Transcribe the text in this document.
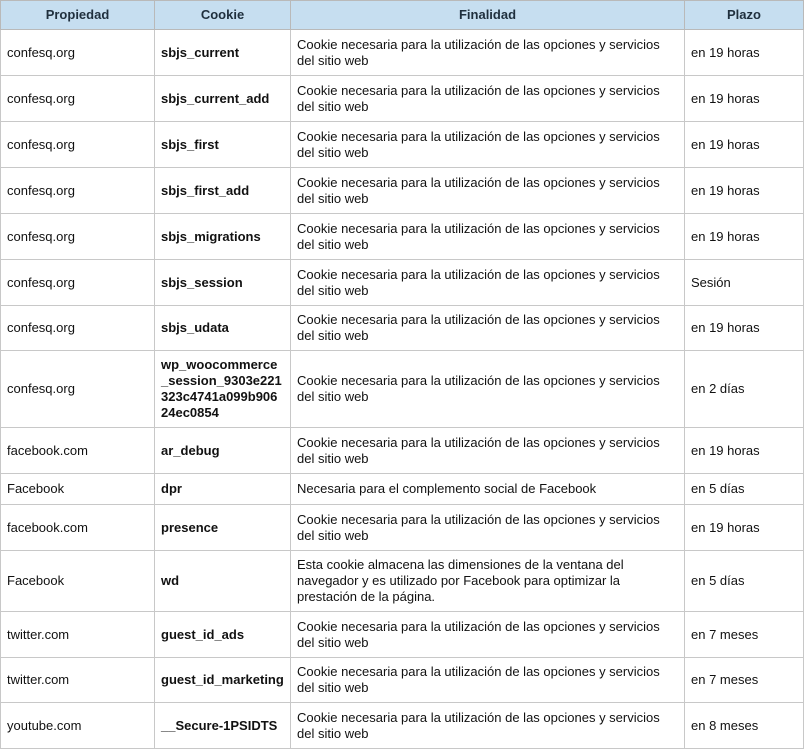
Propiedad	Cookie	Finalidad	Plazo
confesq.org	sbjs_current	Cookie necesaria para la utilización de las opciones y servicios del sitio web	en 19 horas
confesq.org	sbjs_current_add	Cookie necesaria para la utilización de las opciones y servicios del sitio web	en 19 horas
confesq.org	sbjs_first	Cookie necesaria para la utilización de las opciones y servicios del sitio web	en 19 horas
confesq.org	sbjs_first_add	Cookie necesaria para la utilización de las opciones y servicios del sitio web	en 19 horas
confesq.org	sbjs_migrations	Cookie necesaria para la utilización de las opciones y servicios del sitio web	en 19 horas
confesq.org	sbjs_session	Cookie necesaria para la utilización de las opciones y servicios del sitio web	Sesión
confesq.org	sbjs_udata	Cookie necesaria para la utilización de las opciones y servicios del sitio web	en 19 horas
confesq.org	wp_woocommerce_session_9303e221323c4741a099b90624ec0854	Cookie necesaria para la utilización de las opciones y servicios del sitio web	en 2 días
facebook.com	ar_debug	Cookie necesaria para la utilización de las opciones y servicios del sitio web	en 19 horas
Facebook	dpr	Necesaria para el complemento social de Facebook	en 5 días
facebook.com	presence	Cookie necesaria para la utilización de las opciones y servicios del sitio web	en 19 horas
Facebook	wd	Esta cookie almacena las dimensiones de la ventana del navegador y es utilizado por Facebook para optimizar la prestación de la página.	en 5 días
twitter.com	guest_id_ads	Cookie necesaria para la utilización de las opciones y servicios del sitio web	en 7 meses
twitter.com	guest_id_marketing	Cookie necesaria para la utilización de las opciones y servicios del sitio web	en 7 meses
youtube.com	__Secure-1PSIDTS	Cookie necesaria para la utilización de las opciones y servicios del sitio web	en 8 meses
